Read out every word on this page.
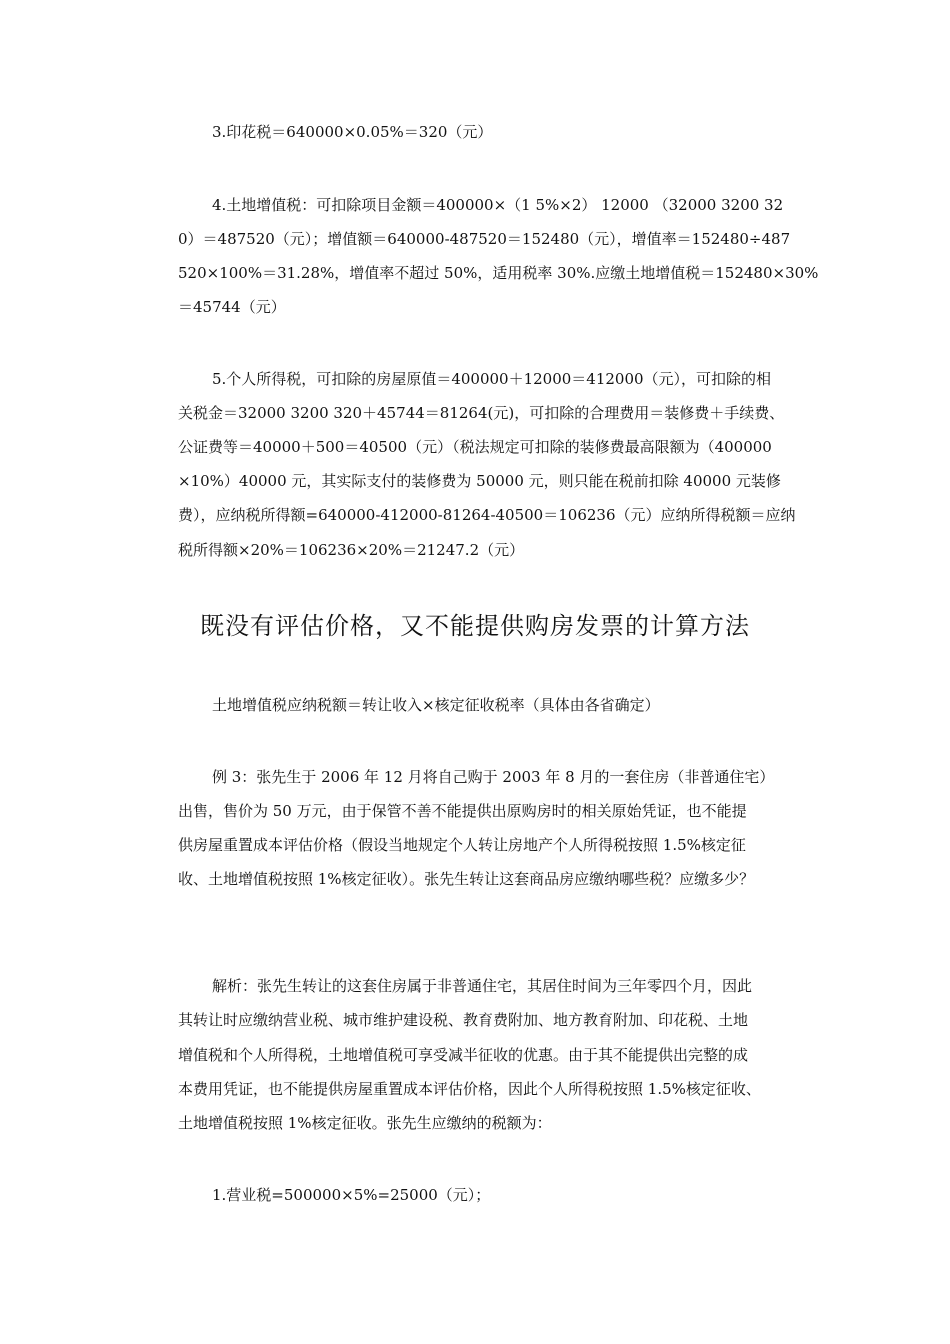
3.印花税＝640000×0.05%＝320（元）
4.土地增值税：可扣除项目金额＝400000×（1 5%×2） 12000 （32000 3200 32
0）＝487520（元）；增值额＝640000-487520＝152480（元），增值率＝152480÷487
520×100%＝31.28%，增值率不超过 50%，适用税率 30%.应缴土地增值税＝152480×30%
＝45744（元）
5.个人所得税，可扣除的房屋原值＝400000＋12000＝412000（元），可扣除的相
关税金＝32000 3200 320＋45744＝81264(元)，可扣除的合理费用＝装修费＋手续费、
公证费等＝40000＋500＝40500（元）（税法规定可扣除的装修费最高限额为（400000
×10%）40000 元，其实际支付的装修费为 50000 元，则只能在税前扣除 40000 元装修
费），应纳税所得额=640000-412000-81264-40500＝106236（元）应纳所得税额＝应纳
税所得额×20%＝106236×20%＝21247.2（元）
既没有评估价格，又不能提供购房发票的计算方法
土地增值税应纳税额＝转让收入×核定征收税率（具体由各省确定）
例 3：张先生于 2006 年 12 月将自己购于 2003 年 8 月的一套住房（非普通住宅）
出售，售价为 50 万元，由于保管不善不能提供出原购房时的相关原始凭证，也不能提
供房屋重置成本评估价格（假设当地规定个人转让房地产个人所得税按照 1.5%核定征
收、土地增值税按照 1%核定征收）。张先生转让这套商品房应缴纳哪些税？应缴多少？
解析：张先生转让的这套住房属于非普通住宅，其居住时间为三年零四个月，因此
其转让时应缴纳营业税、城市维护建设税、教育费附加、地方教育附加、印花税、土地
增值税和个人所得税，土地增值税可享受减半征收的优惠。由于其不能提供出完整的成
本费用凭证，也不能提供房屋重置成本评估价格，因此个人所得税按照 1.5%核定征收、
土地增值税按照 1%核定征收。张先生应缴纳的税额为：
1.营业税=500000×5%=25000（元）；
